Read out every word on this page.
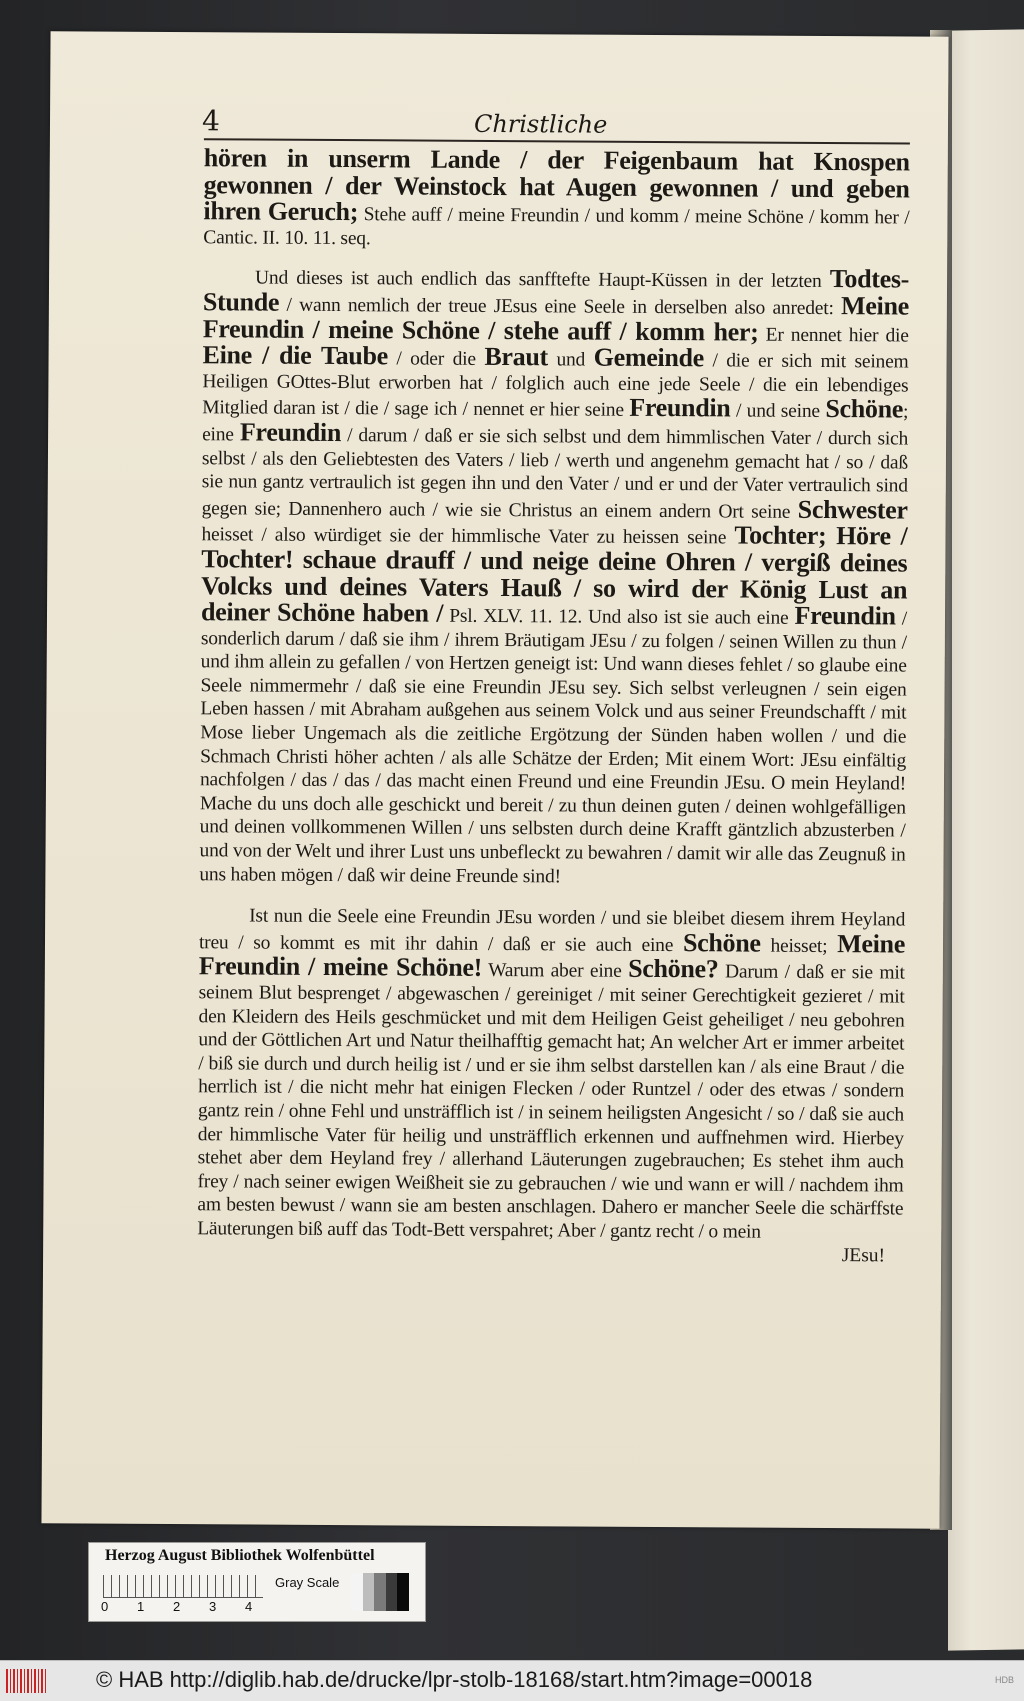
4	Christliche

hören in unserm Lande / der Feigenbaum hat Knospen gewonnen / der Weinstock hat Augen gewonnen / und geben ihren Geruch; Stehe auff / meine Freundin / und komm / meine Schöne / komm her / Cantic. II. 10. 11. seq.

Und dieses ist auch endlich das sanfftefte Haupt-Küssen in der letzten Todtes-Stunde / wann nemlich der treue JEsus eine Seele in derselben also anredet: Meine Freundin / meine Schöne / stehe auff / komm her; Er nennet hier die Eine / die Taube / oder die Braut und Gemeinde / die er sich mit seinem Heiligen GOttes-Blut erworben hat / folglich auch eine jede Seele / die ein lebendiges Mitglied daran ist / die / sage ich / nennet er hier seine Freundin / und seine Schöne; eine Freundin / darum / daß er sie sich selbst und dem himmlischen Vater / durch sich selbst / als den Geliebtesten des Vaters / lieb / werth und angenehm gemacht hat / so / daß sie nun gantz vertraulich ist gegen ihn und den Vater / und er und der Vater vertraulich sind gegen sie; Dannenhero auch / wie sie Christus an einem andern Ort seine Schwester heisset / also würdiget sie der himmlische Vater zu heissen seine Tochter; Höre / Tochter! schaue drauff / und neige deine Ohren / vergiß deines Volcks und deines Vaters Hauß / so wird der König Lust an deiner Schöne haben / Psl. XLV. 11. 12. Und also ist sie auch eine Freundin / sonderlich darum / daß sie ihm / ihrem Bräutigam JEsu / zu folgen / seinen Willen zu thun / und ihm allein zu gefallen / von Hertzen geneigt ist: Und wann dieses fehlet / so glaube eine Seele nimmermehr / daß sie eine Freundin JEsu sey. Sich selbst verleugnen / sein eigen Leben hassen / mit Abraham außgehen aus seinem Volck und aus seiner Freundschafft / mit Mose lieber Ungemach als die zeitliche Ergötzung der Sünden haben wollen / und die Schmach Christi höher achten / als alle Schätze der Erden; Mit einem Wort: JEsu einfältig nachfolgen / das / das / das macht einen Freund und eine Freundin JEsu. O mein Heyland! Mache du uns doch alle geschickt und bereit / zu thun deinen guten / deinen wohlgefälligen und deinen vollkommenen Willen / uns selbsten durch deine Krafft gäntzlich abzusterben / und von der Welt und ihrer Lust uns unbefleckt zu bewahren / damit wir alle das Zeugnuß in uns haben mögen / daß wir deine Freunde sind!

Ist nun die Seele eine Freundin JEsu worden / und sie bleibet diesem ihrem Heyland treu / so kommt es mit ihr dahin / daß er sie auch eine Schöne heisset; Meine Freundin / meine Schöne! Warum aber eine Schöne? Darum / daß er sie mit seinem Blut besprenget / abgewaschen / gereiniget / mit seiner Gerechtigkeit gezieret / mit den Kleidern des Heils geschmücket und mit dem Heiligen Geist geheiliget / neu gebohren und der Göttlichen Art und Natur theilhafftig gemacht hat; An welcher Art er immer arbeitet / biß sie durch und durch heilig ist / und er sie ihm selbst darstellen kan / als eine Braut / die herrlich ist / die nicht mehr hat einigen Flecken / oder Runtzel / oder des etwas / sondern gantz rein / ohne Fehl und unsträfflich ist / in seinem heiligsten Angesicht / so / daß sie auch der himmlische Vater für heilig und unsträfflich erkennen und auffnehmen wird. Hierbey stehet aber dem Heyland frey / allerhand Läuterungen zugebrauchen; Es stehet ihm auch frey / nach seiner ewigen Weißheit sie zu gebrauchen / wie und wann er will / nachdem ihm am besten bewust / wann sie am besten anschlagen. Dahero er mancher Seele die schärffste Läuterungen biß auff das Todt-Bett verspahret; Aber / gantz recht / o mein

JEsu!

Herzog August Bibliothek Wolfenbüttel
0 1 2 3 4
Gray Scale
© HAB http://diglib.hab.de/drucke/lpr-stolb-18168/start.htm?image=00018	HDB
